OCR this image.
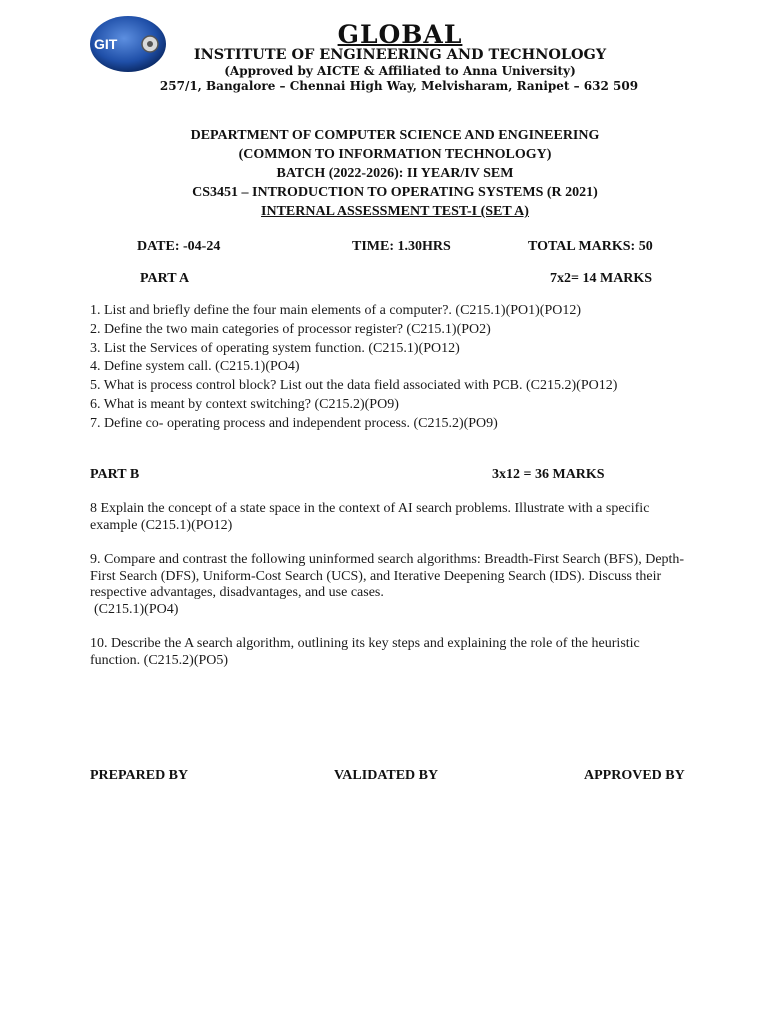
GIT	GLOBAL
INSTITUTE OF ENGINEERING AND TECHNOLOGY
(Approved by AICTE & Affiliated to Anna University)
257/1, Bangalore – Chennai High Way, Melvisharam, Ranipet – 632 509
DEPARTMENT OF COMPUTER SCIENCE AND ENGINEERING
(COMMON TO INFORMATION TECHNOLOGY)
BATCH (2022-2026): II YEAR/IV SEM
CS3451 – INTRODUCTION TO OPERATING SYSTEMS (R 2021)
INTERNAL ASSESSMENT TEST-I (SET A)
DATE: -04-24	TIME: 1.30HRS	TOTAL MARKS: 50
PART A	7x2= 14 MARKS
1. List and briefly define the four main elements of a computer?. (C215.1)(PO1)(PO12)
2. Define the two main categories of processor register? (C215.1)(PO2)
3. List the Services of operating system function. (C215.1)(PO12)
4. Define system call. (C215.1)(PO4)
5. What is process control block? List out the data field associated with PCB. (C215.2)(PO12)
6. What is meant by context switching? (C215.2)(PO9)
7. Define co- operating process and independent process. (C215.2)(PO9)
PART B	3x12 = 36 MARKS
8 Explain the concept of a state space in the context of AI search problems. Illustrate with a specific example (C215.1)(PO12)
9. Compare and contrast the following uninformed search algorithms: Breadth-First Search (BFS), Depth-First Search (DFS), Uniform-Cost Search (UCS), and Iterative Deepening Search (IDS). Discuss their respective advantages, disadvantages, and use cases.
(C215.1)(PO4)
10. Describe the A search algorithm, outlining its key steps and explaining the role of the heuristic function. (C215.2)(PO5)
PREPARED BY	VALIDATED BY	APPROVED BY
